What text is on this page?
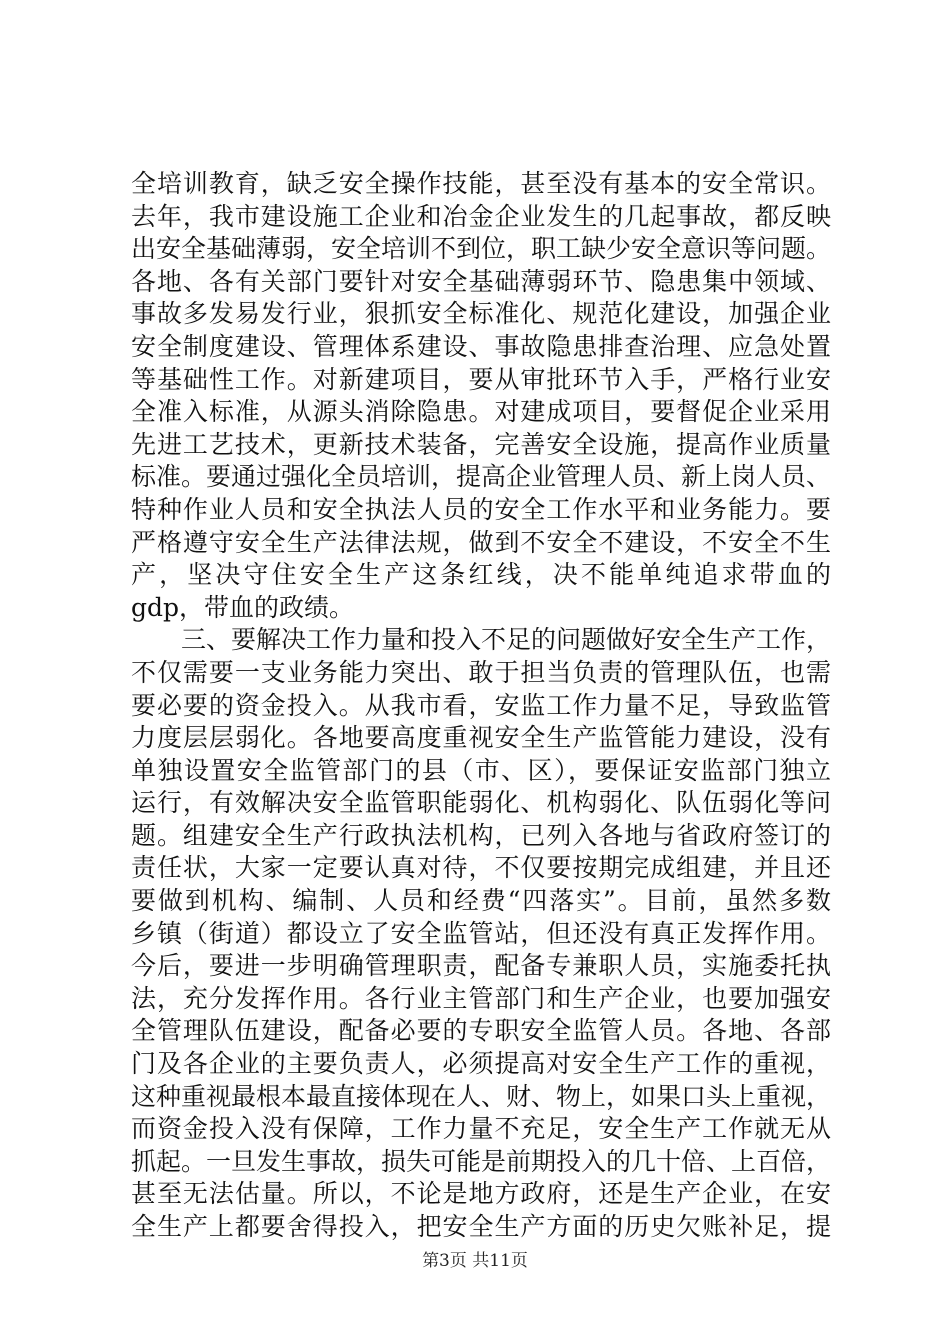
全培训教育，缺乏安全操作技能，甚至没有基本的安全常识。
去年，我市建设施工企业和冶金企业发生的几起事故，都反映
出安全基础薄弱，安全培训不到位，职工缺少安全意识等问题。
各地、各有关部门要针对安全基础薄弱环节、隐患集中领域、
事故多发易发行业，狠抓安全标准化、规范化建设，加强企业
安全制度建设、管理体系建设、事故隐患排查治理、应急处置
等基础性工作。对新建项目，要从审批环节入手，严格行业安
全准入标准，从源头消除隐患。对建成项目，要督促企业采用
先进工艺技术，更新技术装备，完善安全设施，提高作业质量
标准。要通过强化全员培训，提高企业管理人员、新上岗人员、
特种作业人员和安全执法人员的安全工作水平和业务能力。要
严格遵守安全生产法律法规，做到不安全不建设，不安全不生
产，坚决守住安全生产这条红线，决不能单纯追求带血的
gdp，带血的政绩。
　　三、要解决工作力量和投入不足的问题做好安全生产工作，
不仅需要一支业务能力突出、敢于担当负责的管理队伍，也需
要必要的资金投入。从我市看，安监工作力量不足，导致监管
力度层层弱化。各地要高度重视安全生产监管能力建设，没有
单独设置安全监管部门的县（市、区），要保证安监部门独立
运行，有效解决安全监管职能弱化、机构弱化、队伍弱化等问
题。组建安全生产行政执法机构，已列入各地与省政府签订的
责任状，大家一定要认真对待，不仅要按期完成组建，并且还
要做到机构、编制、人员和经费“四落实”。目前，虽然多数
乡镇（街道）都设立了安全监管站，但还没有真正发挥作用。
今后，要进一步明确管理职责，配备专兼职人员，实施委托执
法，充分发挥作用。各行业主管部门和生产企业，也要加强安
全管理队伍建设，配备必要的专职安全监管人员。各地、各部
门及各企业的主要负责人，必须提高对安全生产工作的重视，
这种重视最根本最直接体现在人、财、物上，如果口头上重视，
而资金投入没有保障，工作力量不充足，安全生产工作就无从
抓起。一旦发生事故，损失可能是前期投入的几十倍、上百倍，
甚至无法估量。所以，不论是地方政府，还是生产企业，在安
全生产上都要舍得投入，把安全生产方面的历史欠账补足，提
第3页 共11页
